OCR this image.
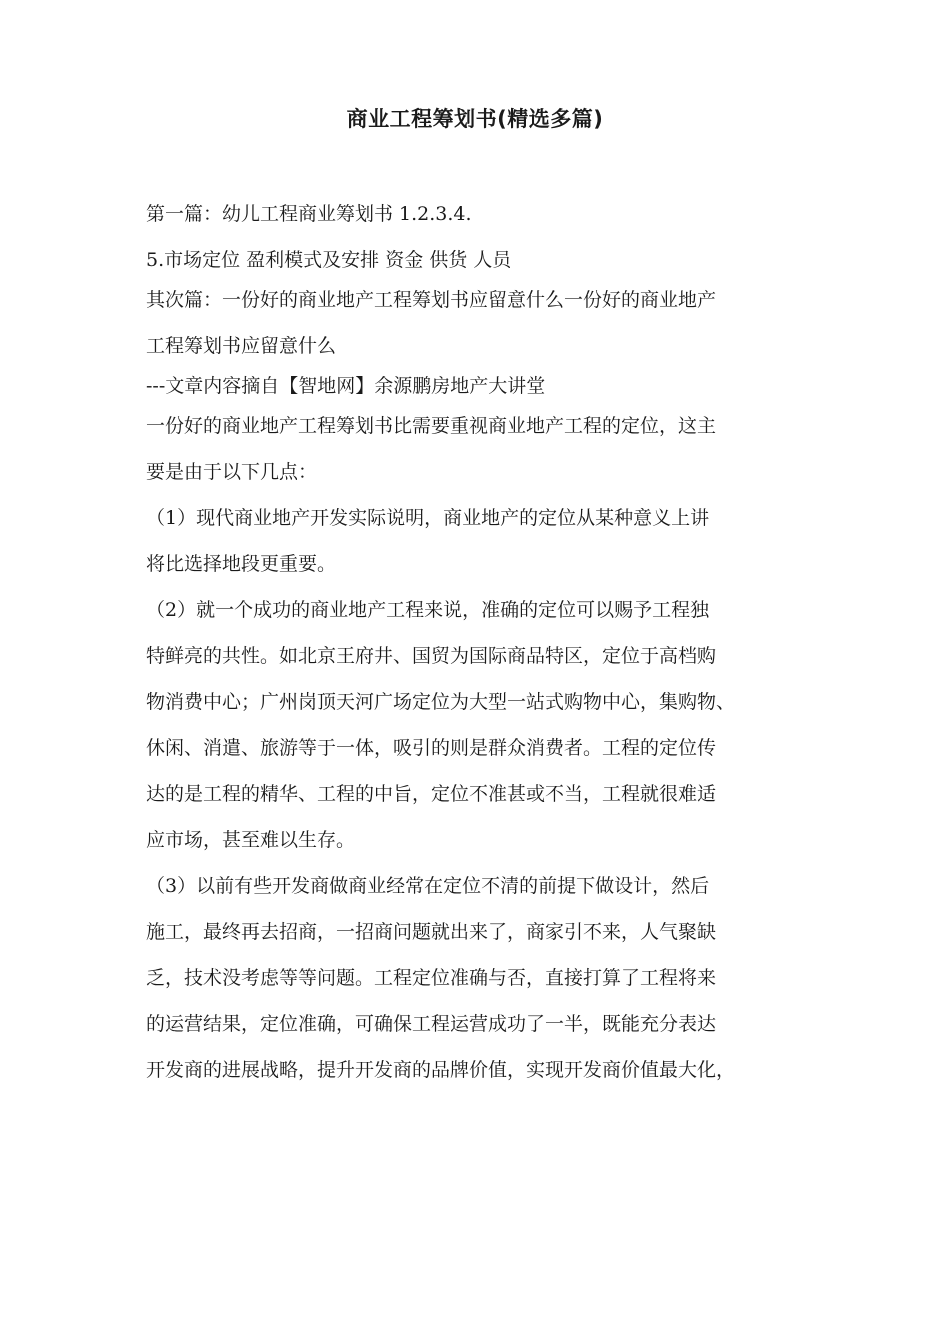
商业工程筹划书(精选多篇)
第一篇：幼儿工程商业筹划书 1.2.3.4.
5.市场定位 盈利模式及安排 资金 供货 人员
其次篇：一份好的商业地产工程筹划书应留意什么一份好的商业地产
工程筹划书应留意什么
---文章内容摘自【智地网】余源鹏房地产大讲堂
一份好的商业地产工程筹划书比需要重视商业地产工程的定位，这主
要是由于以下几点：
（1）现代商业地产开发实际说明，商业地产的定位从某种意义上讲
将比选择地段更重要。
（2）就一个成功的商业地产工程来说，准确的定位可以赐予工程独
特鲜亮的共性。如北京王府井、国贸为国际商品特区，定位于高档购
物消费中心；广州岗顶天河广场定位为大型一站式购物中心，集购物、
休闲、消遣、旅游等于一体，吸引的则是群众消费者。工程的定位传
达的是工程的精华、工程的中旨，定位不准甚或不当，工程就很难适
应市场，甚至难以生存。
（3）以前有些开发商做商业经常在定位不清的前提下做设计，然后
施工，最终再去招商，一招商问题就出来了，商家引不来，人气聚缺
乏，技术没考虑等等问题。工程定位准确与否，直接打算了工程将来
的运营结果，定位准确，可确保工程运营成功了一半，既能充分表达
开发商的进展战略，提升开发商的品牌价值，实现开发商价值最大化，
